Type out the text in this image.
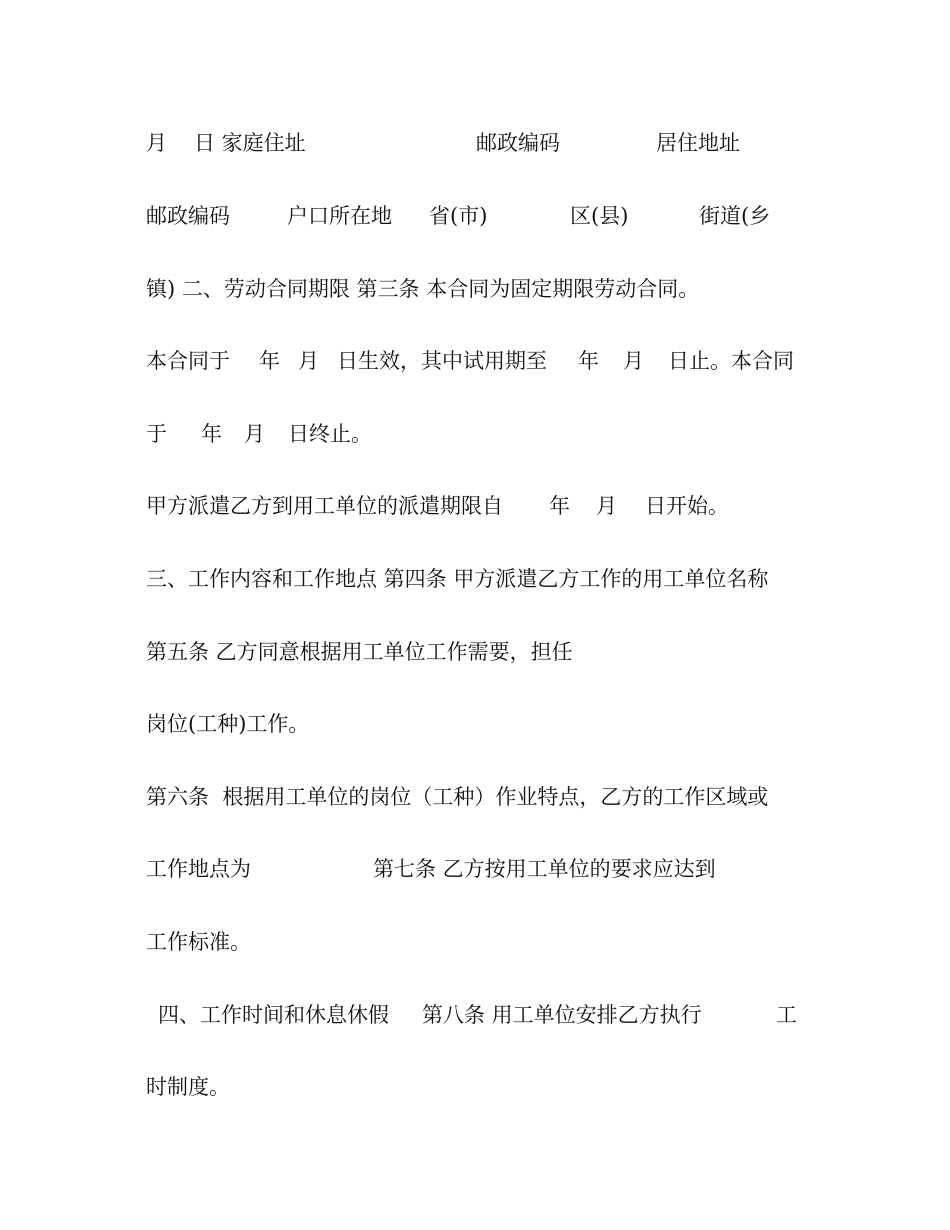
月

日 家庭住址

	邮政编码

	居住地址

邮政编码

	户口所在地

省(市)

	区(县)

	街道(乡

镇) 二、劳动合同期限 第三条 本合同为固定期限劳动合同。

本合同于

年

月

日生效，其中试用期至

年

月

日止。本合同

于

年

月

日终止。

甲方派遣乙方到用工单位的派遣期限自

年

月

日开始。

三、工作内容和工作地点 第四条 甲方派遣乙方工作的用工单位名称

第五条 乙方同意根据用工单位工作需要，担任

岗位(工种)工作。

第六条  根据用工单位的岗位（工种）作业特点，乙方的工作区域或

工作地点为

	第七条 乙方按用工单位的要求应达到

工作标准。

四、工作时间和休息休假

第八条 用工单位安排乙方执行

	工

时制度。
